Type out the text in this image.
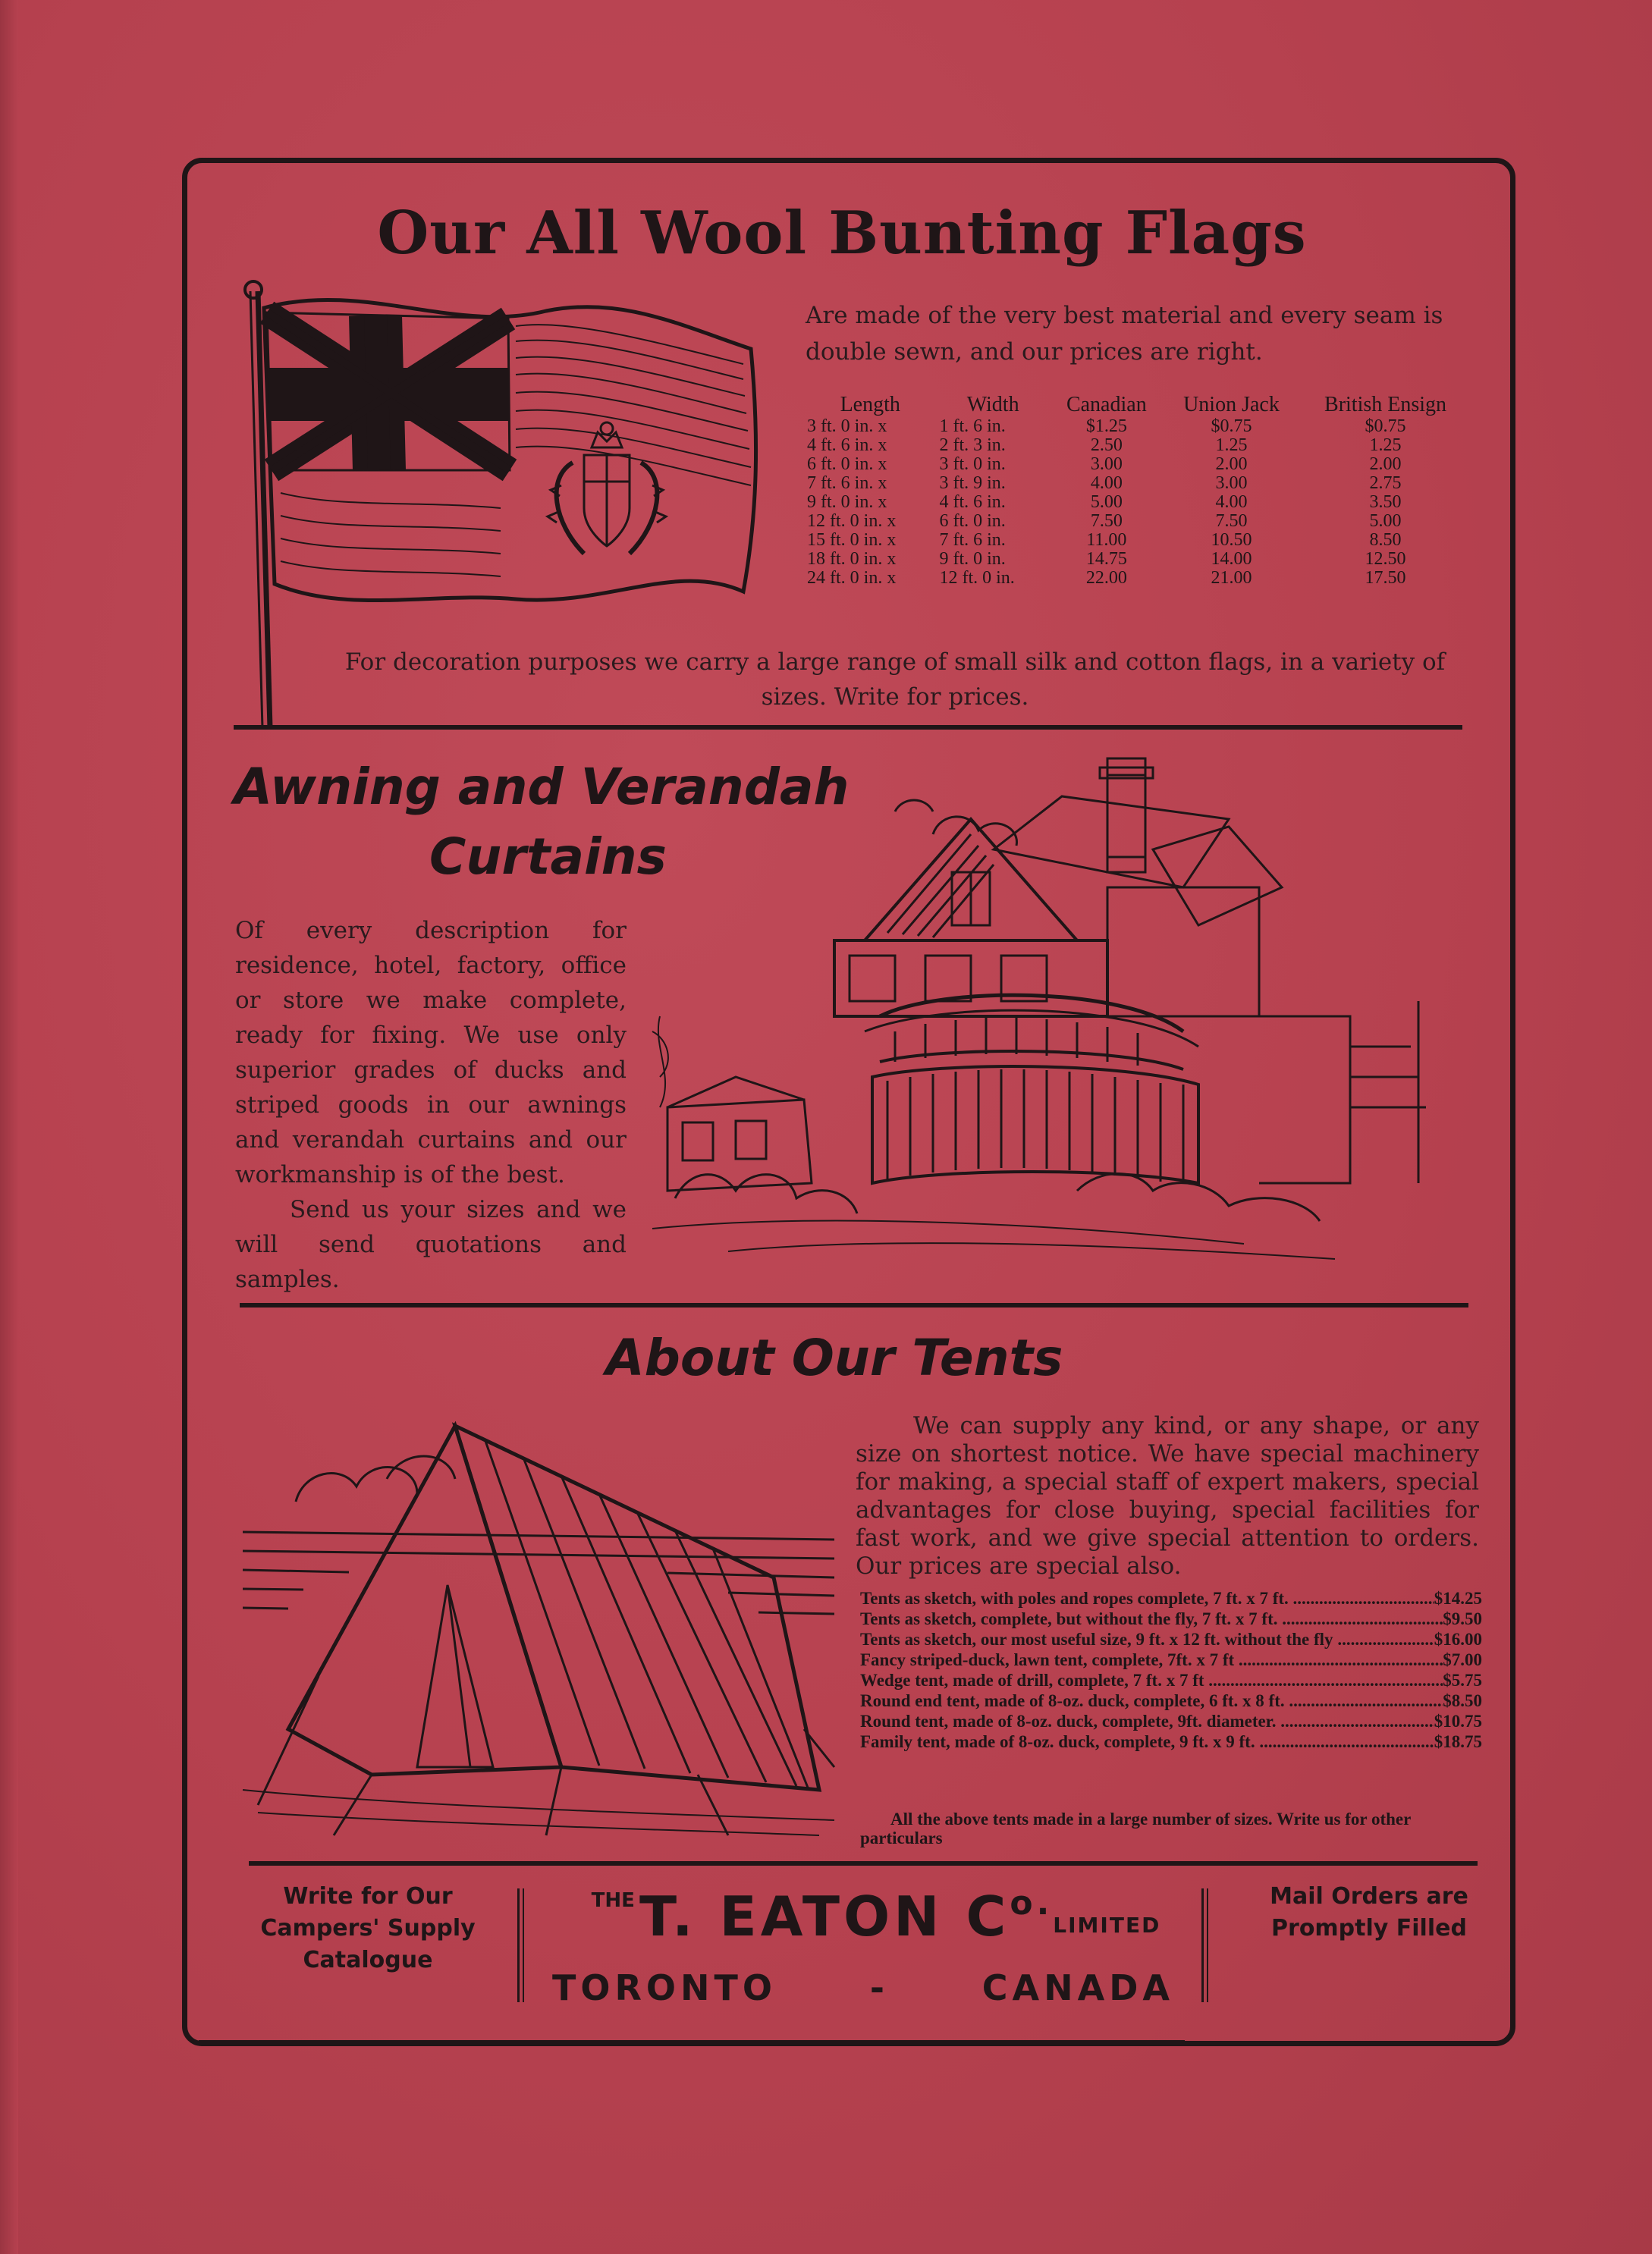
Our All Wool Bunting Flags
Are made of the very best material and every seam is double sewn, and our prices are right.
Length	Width	Canadian	Union Jack	British Ensign
3 ft. 0 in. x	1 ft. 6 in.	$1.25	$0.75	$0.75
4 ft. 6 in. x	2 ft. 3 in.	2.50	1.25	1.25
6 ft. 0 in. x	3 ft. 0 in.	3.00	2.00	2.00
7 ft. 6 in. x	3 ft. 9 in.	4.00	3.00	2.75
9 ft. 0 in. x	4 ft. 6 in.	5.00	4.00	3.50
12 ft. 0 in. x	6 ft. 0 in.	7.50	7.50	5.00
15 ft. 0 in. x	7 ft. 6 in.	11.00	10.50	8.50
18 ft. 0 in. x	9 ft. 0 in.	14.75	14.00	12.50
24 ft. 0 in. x	12 ft. 0 in.	22.00	21.00	17.50
For decoration purposes we carry a large range of small silk and cotton flags, in a variety of sizes. Write for prices.
Awning and Verandah
Curtains

Of every description for residence, hotel, factory, office or store we make complete, ready for fixing. We use only superior grades of ducks and striped goods in our awnings and verandah curtains and our workmanship is of the best.

Send us your sizes and we will send quotations and samples.

About Our Tents
We can supply any kind, or any shape, or any size on shortest notice. We have special machinery for making, a special staff of expert makers, special advantages for close buying, special facilities for fast work, and we give special attention to orders. Our prices are special also.
Tents as sketch, with poles and ropes complete, 7 ft. x 7 ft. .....	$14.25
Tents as sketch, complete, but without the fly, 7 ft. x 7 ft. .....	$9.50
Tents as sketch, our most useful size, 9 ft. x 12 ft. without the fly .....	$16.00
Fancy striped-duck, lawn tent, complete, 7ft. x 7 ft .....	$7.00
Wedge tent, made of drill, complete, 7 ft. x 7 ft .....	$5.75
Round end tent, made of 8-oz. duck, complete, 6 ft. x 8 ft. .....	$8.50
Round tent, made of 8-oz. duck, complete, 9ft. diameter. .....	$10.75
Family tent, made of 8-oz. duck, complete, 9 ft. x 9 ft. .....	$18.75
All the above tents made in a large number of sizes. Write us for other particulars
Write for Our Campers' Supply Catalogue
$^{THE}$T. EATON $C^{o.}LIMITED$
TORONTO	-	CANADA
Mail Orders are Promptly Filled
